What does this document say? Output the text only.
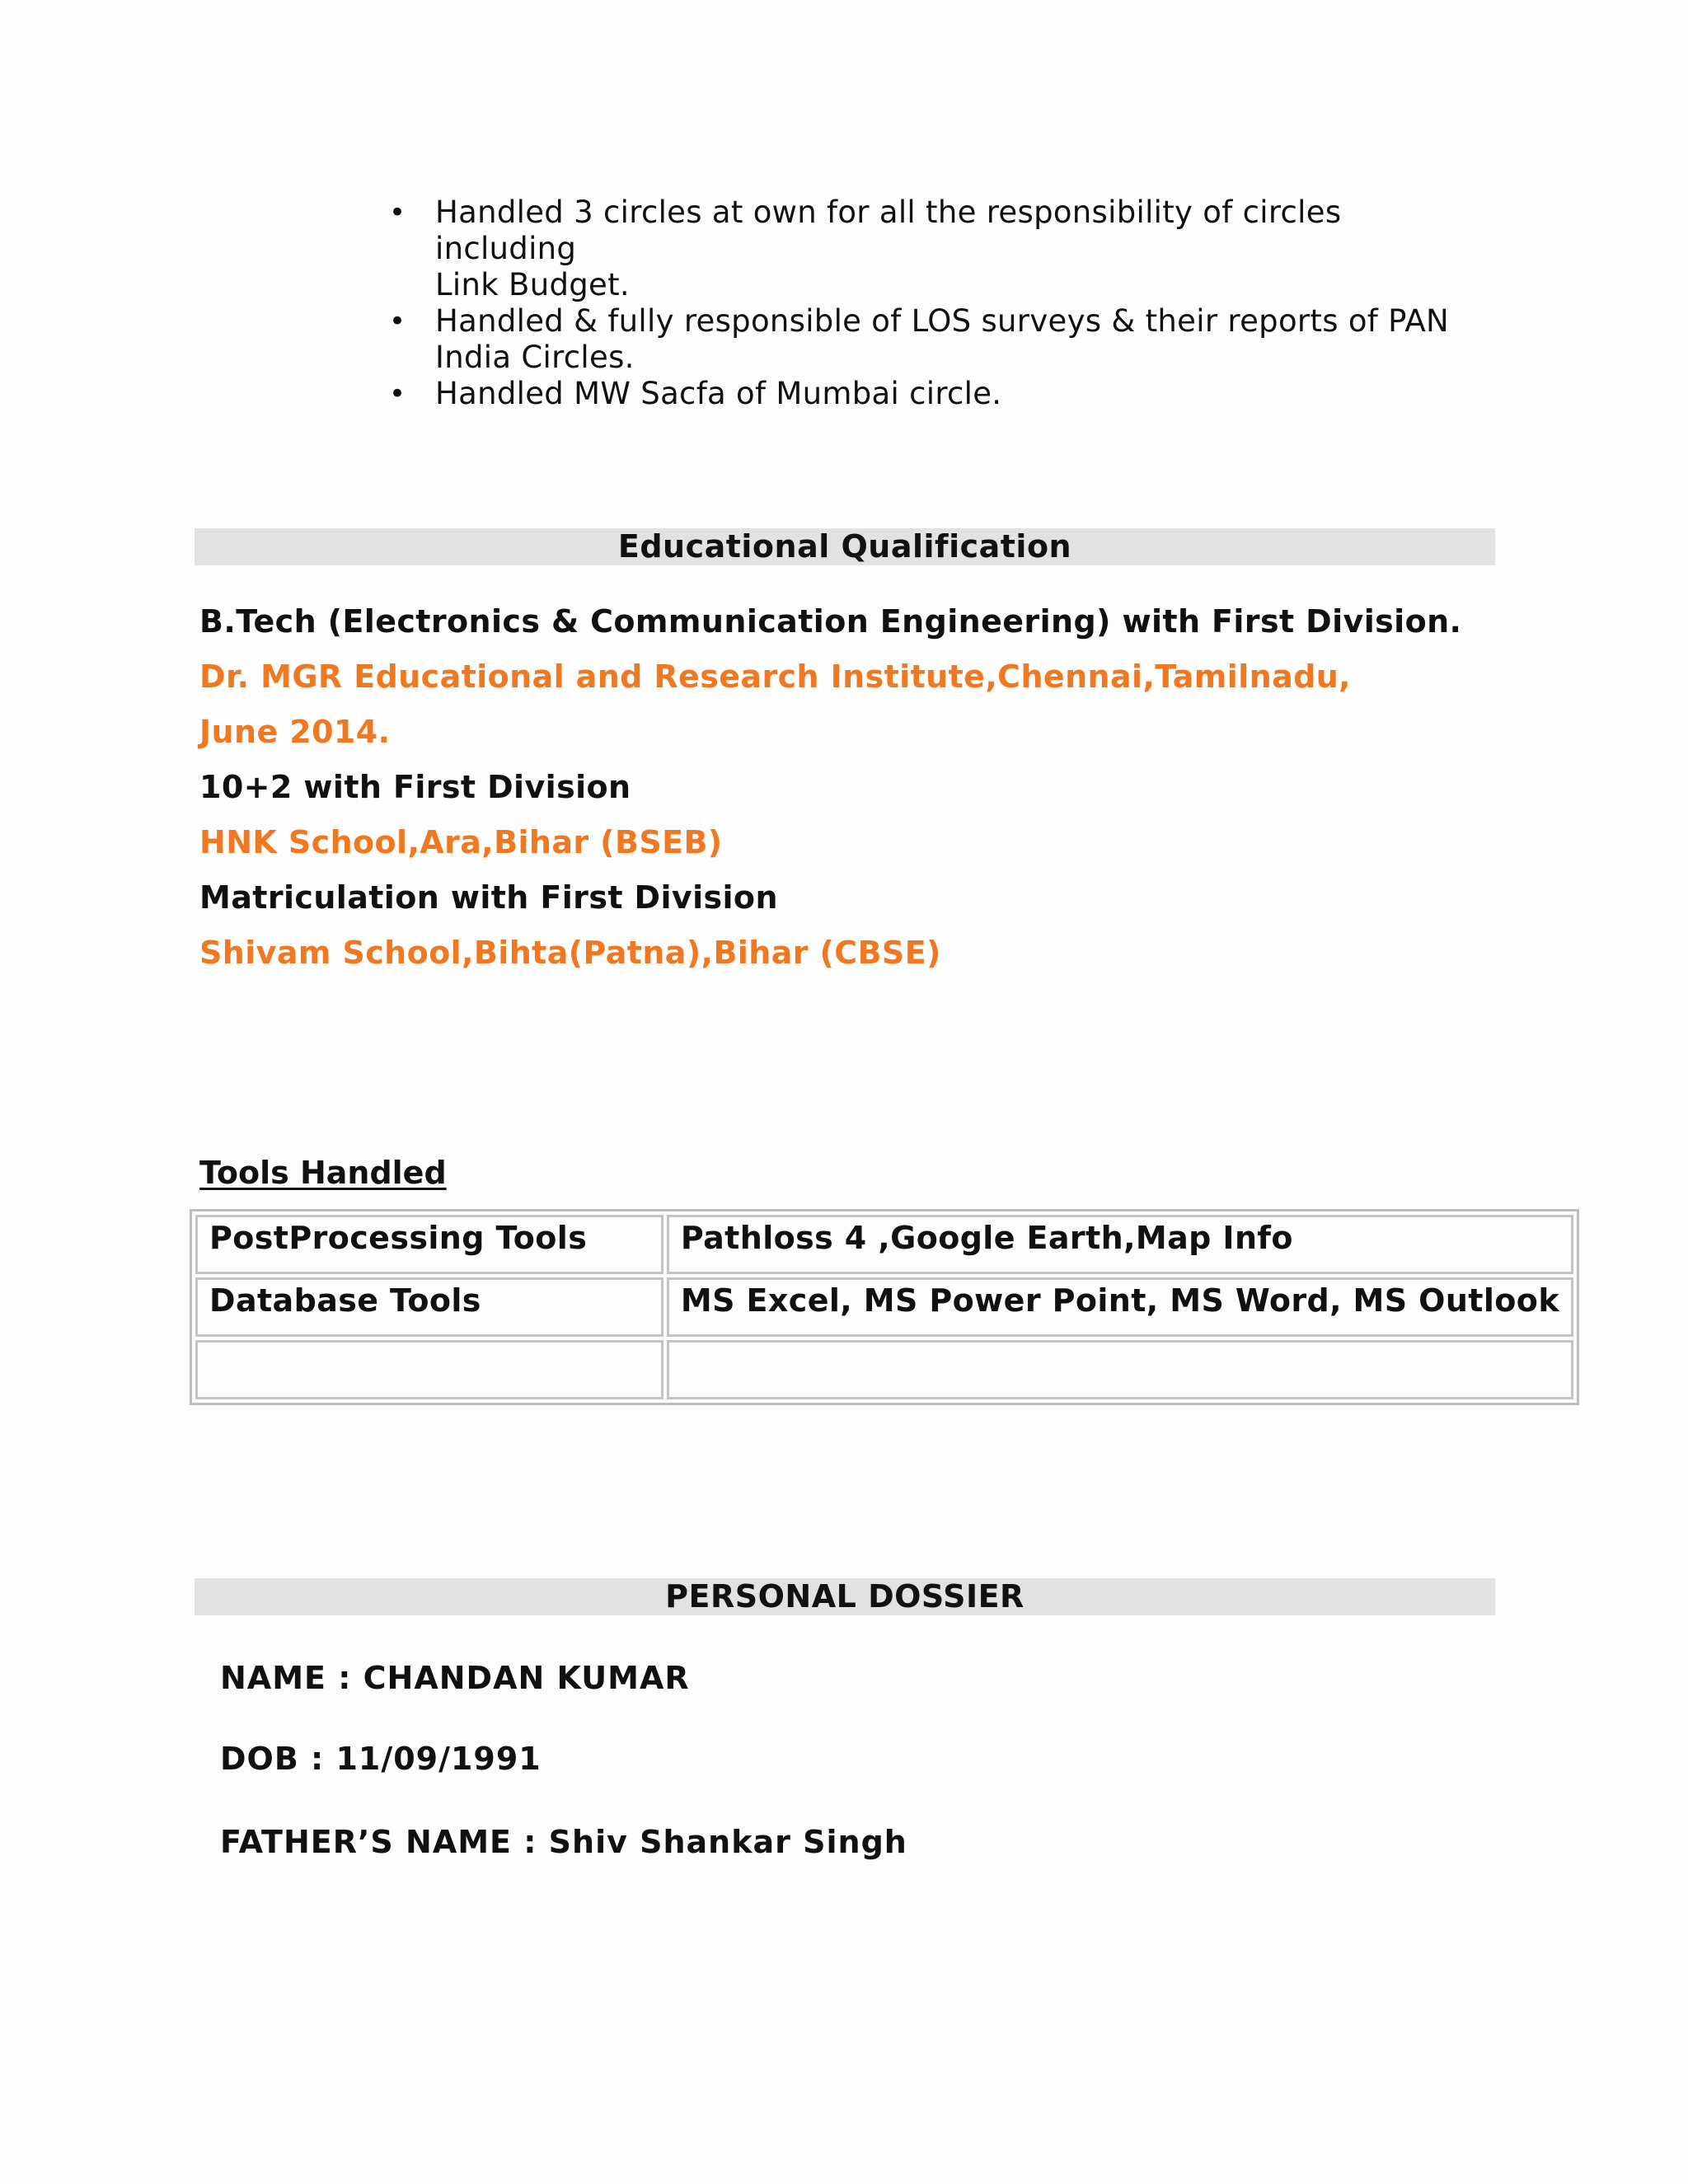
• Handled 3 circles at own for all the responsibility of circles including
Link Budget.
• Handled & fully responsible of LOS surveys & their reports of PAN
India Circles.
• Handled MW Sacfa of Mumbai circle.
Educational Qualification
B.Tech (Electronics & Communication Engineering) with First Division.
Dr. MGR Educational and Research Institute,Chennai,Tamilnadu,
June 2014.
10+2 with First Division
HNK School,Ara,Bihar (BSEB)
Matriculation with First Division
Shivam School,Bihta(Patna),Bihar (CBSE)
Tools Handled
PostProcessing Tools	Pathloss 4 ,Google Earth,Map Info
Database Tools	MS Excel, MS Power Point, MS Word, MS Outlook

PERSONAL DOSSIER
NAME : CHANDAN KUMAR
DOB : 11/09/1991
FATHER’S NAME : Shiv Shankar Singh
